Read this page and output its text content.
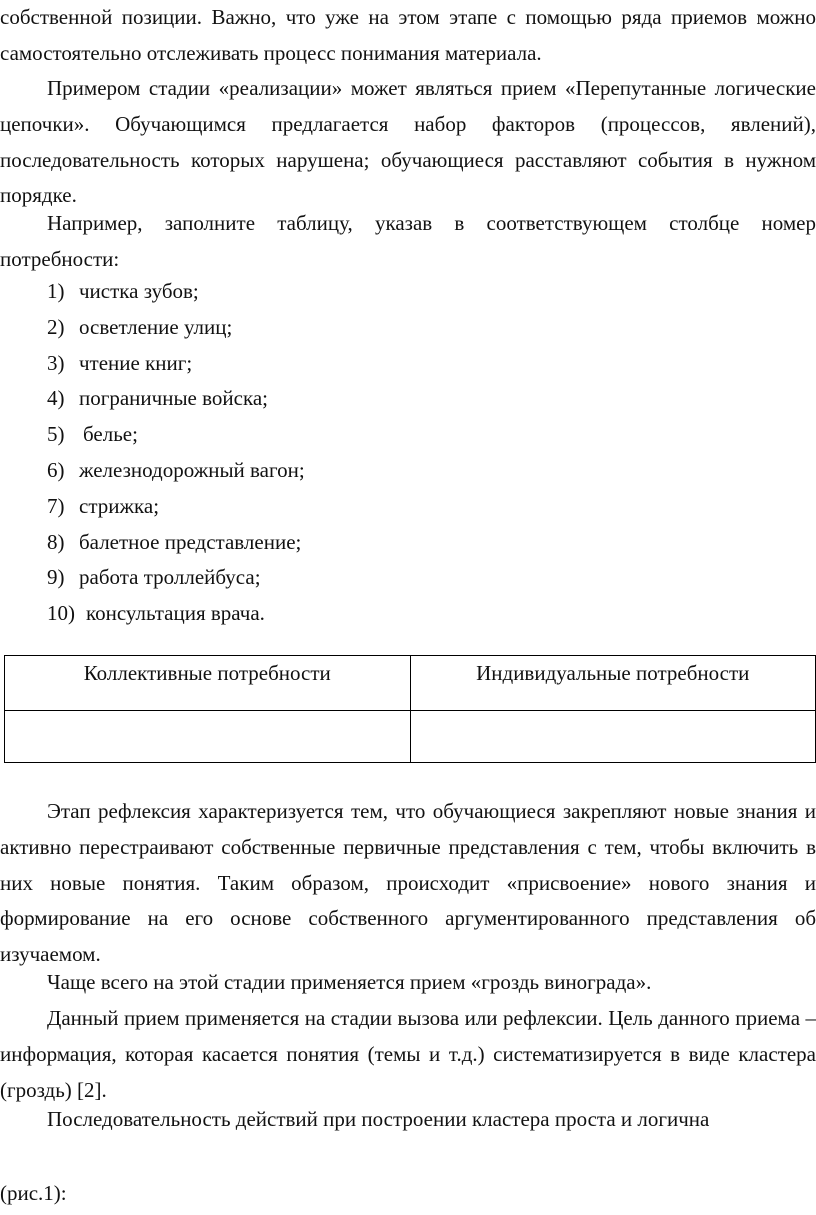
собственной позиции. Важно, что уже на этом этапе с помощью ряда приемов можно самостоятельно отслеживать процесс понимания материала.

Примером стадии «реализации» может являться прием «Перепутанные логические цепочки». Обучающимся предлагается набор факторов (процессов, явлений), последовательность которых нарушена; обучающиеся расставляют события в нужном порядке.

Например, заполните таблицу, указав в соответствующем столбце номер потребности:

1) чистка зубов;
2) осветление улиц;
3) чтение книг;
4) пограничные войска;
5) белье;
6) железнодорожный вагон;
7) стрижка;
8) балетное представление;
9) работа троллейбуса;
10) консультация врача.
Коллективные потребности	Индивидуальные потребности

Этап рефлексия характеризуется тем, что обучающиеся закрепляют новые знания и активно перестраивают собственные первичные представления с тем, чтобы включить в них новые понятия. Таким образом, происходит «присвоение» нового знания и формирование на его основе собственного аргументированного представления об изучаемом.

Чаще всего на этой стадии применяется прием «гроздь винограда».

Данный прием применяется на стадии вызова или рефлексии. Цель данного приема – информация, которая касается понятия (темы и т.д.) систематизируется в виде кластера (гроздь) [2].

Последовательность действий при построении кластера проста и логична

(рис.1):
